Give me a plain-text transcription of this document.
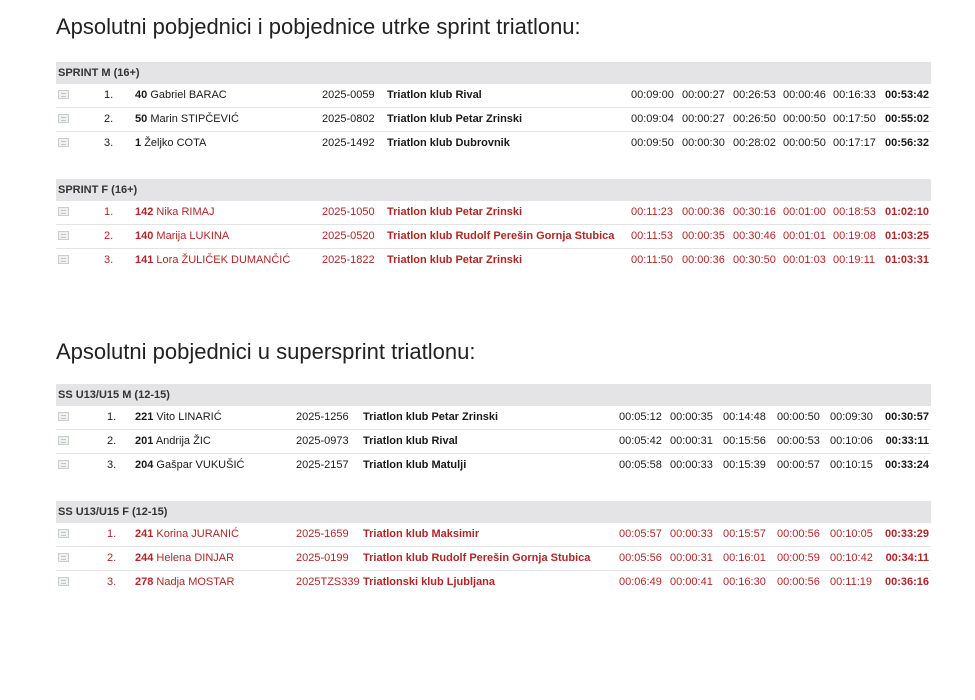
Apsolutni pobjednici i pobjednice utrke sprint triatlonu:
SPRINT M (16+)
1. 40 Gabriel BARAC	2025-0059 Triatlon klub Rival	00:09:00 00:00:27 00:26:53 00:00:46 00:16:33 00:53:42
2. 50 Marin STIPČEVIĆ	2025-0802 Triatlon klub Petar Zrinski	00:09:04 00:00:27 00:26:50 00:00:50 00:17:50 00:55:02
3. 1 Željko COTA	2025-1492 Triatlon klub Dubrovnik	00:09:50 00:00:30 00:28:02 00:00:50 00:17:17 00:56:32
SPRINT F (16+)
1. 142 Nika RIMAJ	2025-1050 Triatlon klub Petar Zrinski	00:11:23 00:00:36 00:30:16 00:01:00 00:18:53 01:02:10
2. 140 Marija LUKINA	2025-0520 Triatlon klub Rudolf Perešin Gornja Stubica 00:11:53 00:00:35 00:30:46 00:01:01 00:19:08 01:03:25
3. 141 Lora ŽULIČEK DUMANČIĆ	2025-1822 Triatlon klub Petar Zrinski	00:11:50 00:00:36 00:30:50 00:01:03 00:19:11 01:03:31
Apsolutni pobjednici u supersprint triatlonu:
SS U13/U15 M (12-15)
1. 221 Vito LINARIĆ	2025-1256 Triatlon klub Petar Zrinski	00:05:12 00:00:35 00:14:48 00:00:50 00:09:30 00:30:57
2. 201 Andrija ŽIC	2025-0973 Triatlon klub Rival	00:05:42 00:00:31 00:15:56 00:00:53 00:10:06 00:33:11
3. 204 Gašpar VUKUŠIĆ	2025-2157 Triatlon klub Matulji	00:05:58 00:00:33 00:15:39 00:00:57 00:10:15 00:33:24
SS U13/U15 F (12-15)
1. 241 Korina JURANIĆ	2025-1659 Triatlon klub Maksimir	00:05:57 00:00:33 00:15:57 00:00:56 00:10:05 00:33:29
2. 244 Helena DINJAR	2025-0199 Triatlon klub Rudolf Perešin Gornja Stubica	00:05:56 00:00:31 00:16:01 00:00:59 00:10:42 00:34:11
3. 278 Nadja MOSTAR	2025TZS339 Triatlonski klub Ljubljana	00:06:49 00:00:41 00:16:30 00:00:56 00:11:19 00:36:16
